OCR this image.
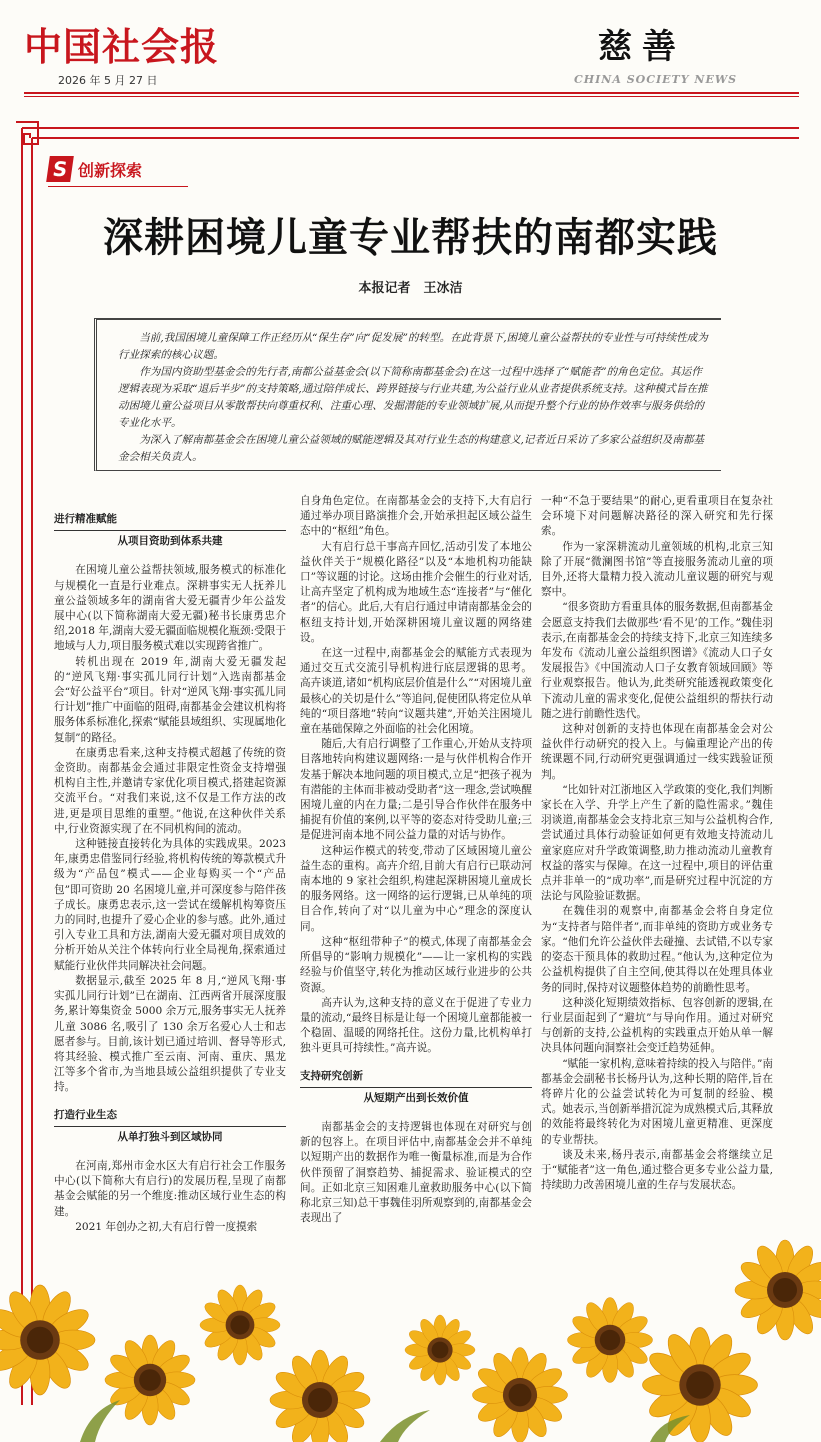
中国社会报
2026 年 5 月 27 日
慈善
CHINA SOCIETY NEWS
S 创新探索
深耕困境儿童专业帮扶的南都实践
本报记者　王冰洁

当前,我国困境儿童保障工作正经历从“保生存”向“促发展”的转型。在此背景下,困境儿童公益帮扶的专业性与可持续性成为行业探索的核心议题。

作为国内资助型基金会的先行者,南都公益基金会(以下简称南都基金会)在这一过程中选择了“赋能者”的角色定位。其运作逻辑表现为采取“退后半步”的支持策略,通过陪伴成长、跨界链接与行业共建,为公益行业从业者提供系统支持。这种模式旨在推动困境儿童公益项目从零散帮扶向尊重权利、注重心理、发掘潜能的专业领域扩展,从而提升整个行业的协作效率与服务供给的专业化水平。

为深入了解南都基金会在困境儿童公益领域的赋能逻辑及其对行业生态的构建意义,记者近日采访了多家公益组织及南都基金会相关负责人。

进行精准赋能
从项目资助到体系共建

在困境儿童公益帮扶领域,服务模式的标准化与规模化一直是行业难点。深耕事实无人抚养儿童公益领域多年的湖南省大爱无疆青少年公益发展中心(以下简称湖南大爱无疆)秘书长康勇忠介绍,2018 年,湖南大爱无疆面临规模化瓶颈:受限于地域与人力,项目服务模式难以实现跨省推广。

转机出现在 2019 年,湖南大爱无疆发起的“逆风飞翔·事实孤儿同行计划”入选南都基金会“好公益平台”项目。针对“逆风飞翔·事实孤儿同行计划”推广中面临的阻碍,南都基金会建议机构将服务体系标准化,探索“赋能县域组织、实现属地化复制”的路径。

在康勇忠看来,这种支持模式超越了传统的资金资助。南都基金会通过非限定性资金支持增强机构自主性,并邀请专家优化项目模式,搭建起资源交流平台。“对我们来说,这不仅是工作方法的改进,更是项目思维的重塑。”他说,在这种伙伴关系中,行业资源实现了在不同机构间的流动。

这种链接直接转化为具体的实践成果。2023 年,康勇忠借鉴同行经验,将机构传统的筹款模式升级为“产品包”模式——企业每购买一个“产品包”即可资助 20 名困境儿童,并可深度参与陪伴孩子成长。康勇忠表示,这一尝试在缓解机构筹资压力的同时,也提升了爱心企业的参与感。此外,通过引入专业工具和方法,湖南大爱无疆对项目成效的分析开始从关注个体转向行业全局视角,探索通过赋能行业伙伴共同解决社会问题。

数据显示,截至 2025 年 8 月,“逆风飞翔·事实孤儿同行计划”已在湖南、江西两省开展深度服务,累计筹集资金 5000 余万元,服务事实无人抚养儿童 3086 名,吸引了 130 余万名爱心人士和志愿者参与。目前,该计划已通过培训、督导等形式,将其经验、模式推广至云南、河南、重庆、黑龙江等多个省市,为当地县域公益组织提供了专业支持。

打造行业生态
从单打独斗到区域协同

在河南,郑州市金水区大有启行社会工作服务中心(以下简称大有启行)的发展历程,呈现了南都基金会赋能的另一个维度:推动区域行业生态的构建。

2021 年创办之初,大有启行曾一度摸索

自身角色定位。在南都基金会的支持下,大有启行通过举办项目路演推介会,开始承担起区域公益生态中的“枢纽”角色。

大有启行总干事高卉回忆,活动引发了本地公益伙伴关于“规模化路径”以及“本地机构功能缺口”等议题的讨论。这场由推介会催生的行业对话,让高卉坚定了机构成为地域生态“连接者”与“催化者”的信心。此后,大有启行通过申请南都基金会的枢纽支持计划,开始深耕困境儿童议题的网络建设。

在这一过程中,南都基金会的赋能方式表现为通过交互式交流引导机构进行底层逻辑的思考。高卉谈道,诸如“机构底层价值是什么”“对困境儿童最核心的关切是什么”等追问,促使团队将定位从单纯的“项目落地”转向“议题共建”,开始关注困境儿童在基础保障之外面临的社会化困境。

随后,大有启行调整了工作重心,开始从支持项目落地转向构建议题网络:一是与伙伴机构合作开发基于解决本地问题的项目模式,立足“把孩子视为有潜能的主体而非被动受助者”这一理念,尝试唤醒困境儿童的内在力量;二是引导合作伙伴在服务中捕捉有价值的案例,以平等的姿态对待受助儿童;三是促进河南本地不同公益力量的对话与协作。

这种运作模式的转变,带动了区域困境儿童公益生态的重构。高卉介绍,目前大有启行已联动河南本地的 9 家社会组织,构建起深耕困境儿童成长的服务网络。这一网络的运行逻辑,已从单纯的项目合作,转向了对“以儿童为中心”理念的深度认同。

这种“枢纽带种子”的模式,体现了南都基金会所倡导的“影响力规模化”——让一家机构的实践经验与价值坚守,转化为推动区域行业进步的公共资源。

高卉认为,这种支持的意义在于促进了专业力量的流动,“最终目标是让每一个困境儿童都能被一个稳固、温暖的网络托住。这份力量,比机构单打独斗更具可持续性。”高卉说。

支持研究创新
从短期产出到长效价值

南都基金会的支持逻辑也体现在对研究与创新的包容上。在项目评估中,南都基金会并不单纯以短期产出的数据作为唯一衡量标准,而是为合作伙伴预留了洞察趋势、捕捉需求、验证模式的空间。正如北京三知困难儿童救助服务中心(以下简称北京三知)总干事魏佳羽所观察到的,南都基金会表现出了

一种“不急于要结果”的耐心,更看重项目在复杂社会环境下对问题解决路径的深入研究和先行探索。

作为一家深耕流动儿童领域的机构,北京三知除了开展“微澜图书馆”等直接服务流动儿童的项目外,还将大量精力投入流动儿童议题的研究与观察中。

“很多资助方看重具体的服务数据,但南都基金会愿意支持我们去做那些‘看不见’的工作。”魏佳羽表示,在南都基金会的持续支持下,北京三知连续多年发布《流动儿童公益组织图谱》《流动人口子女发展报告》《中国流动人口子女教育领域回顾》等行业观察报告。他认为,此类研究能透视政策变化下流动儿童的需求变化,促使公益组织的帮扶行动随之进行前瞻性迭代。

这种对创新的支持也体现在南都基金会对公益伙伴行动研究的投入上。与偏重理论产出的传统课题不同,行动研究更强调通过一线实践验证预判。

“比如针对江浙地区入学政策的变化,我们判断家长在入学、升学上产生了新的隐性需求。”魏佳羽谈道,南都基金会支持北京三知与公益机构合作,尝试通过具体行动验证如何更有效地支持流动儿童家庭应对升学政策调整,助力推动流动儿童教育权益的落实与保障。在这一过程中,项目的评估重点并非单一的“成功率”,而是研究过程中沉淀的方法论与风险验证数据。

在魏佳羽的观察中,南都基金会将自身定位为“支持者与陪伴者”,而非单纯的资助方或业务专家。“他们允许公益伙伴去碰撞、去试错,不以专家的姿态干预具体的救助过程。”他认为,这种定位为公益机构提供了自主空间,使其得以在处理具体业务的同时,保持对议题整体趋势的前瞻性思考。

这种淡化短期绩效指标、包容创新的逻辑,在行业层面起到了“避坑”与导向作用。通过对研究与创新的支持,公益机构的实践重点开始从单一解决具体问题向洞察社会变迁趋势延伸。

“赋能一家机构,意味着持续的投入与陪伴。”南都基金会副秘书长杨丹认为,这种长期的陪伴,旨在将碎片化的公益尝试转化为可复制的经验、模式。她表示,当创新举措沉淀为成熟模式后,其释放的效能将最终转化为对困境儿童更精准、更深度的专业帮扶。

谈及未来,杨丹表示,南都基金会将继续立足于“赋能者”这一角色,通过整合更多专业公益力量,持续助力改善困境儿童的生存与发展状态。
